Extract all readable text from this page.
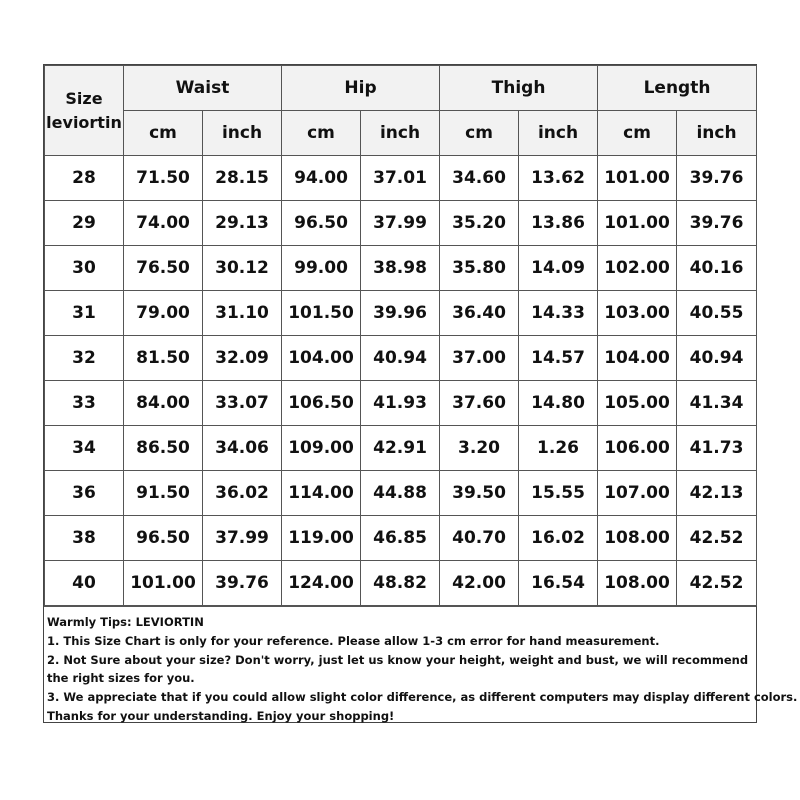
Size
leviortin	Waist		Hip		Thigh		Length	
	cm	inch	cm	inch	cm	inch	cm	inch
28	71.50	28.15	94.00	37.01	34.60	13.62	101.00	39.76
29	74.00	29.13	96.50	37.99	35.20	13.86	101.00	39.76
30	76.50	30.12	99.00	38.98	35.80	14.09	102.00	40.16
31	79.00	31.10	101.50	39.96	36.40	14.33	103.00	40.55
32	81.50	32.09	104.00	40.94	37.00	14.57	104.00	40.94
33	84.00	33.07	106.50	41.93	37.60	14.80	105.00	41.34
34	86.50	34.06	109.00	42.91	3.20	1.26	106.00	41.73
36	91.50	36.02	114.00	44.88	39.50	15.55	107.00	42.13
38	96.50	37.99	119.00	46.85	40.70	16.02	108.00	42.52
40	101.00	39.76	124.00	48.82	42.00	16.54	108.00	42.52
Warmly Tips: LEVIORTIN
1. This Size Chart is only for your reference. Please allow 1-3 cm error for hand measurement.
2. Not Sure about your size? Don't worry, just let us know your height, weight and bust, we will recommend the right sizes for you.
3. We appreciate that if you could allow slight color difference, as different computers may display different colors.
Thanks for your understanding. Enjoy your shopping!
